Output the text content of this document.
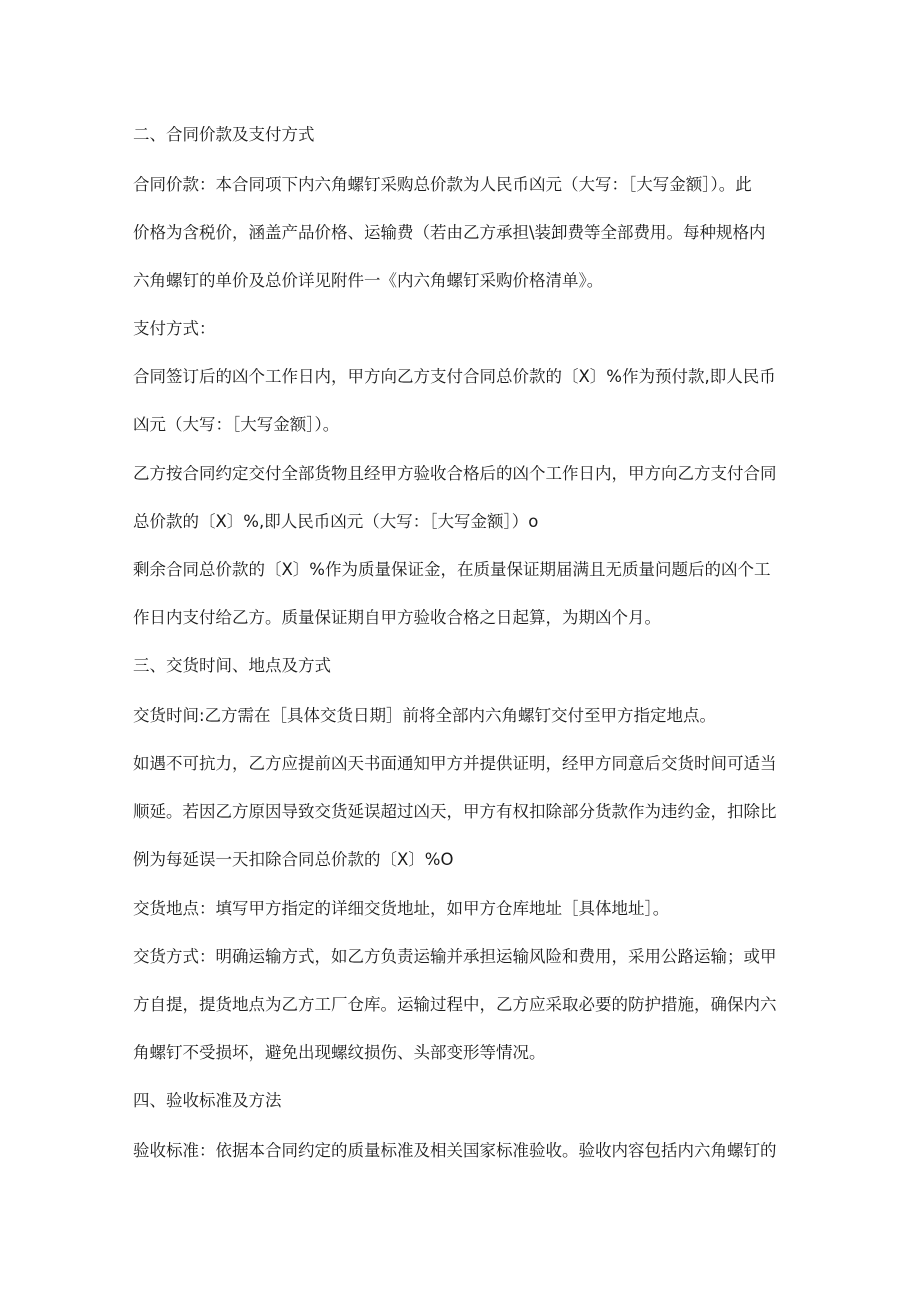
二、合同价款及支付方式

合同价款：本合同项下内六角螺钉采购总价款为人民币凶元（大写：［大写金额］）。此

价格为含税价，涵盖产品价格、运输费（若由乙方承担\装卸费等全部费用。每种规格内

六角螺钉的单价及总价详见附件一《内六角螺钉采购价格清单》。

支付方式：

合同签订后的凶个工作日内，甲方向乙方支付合同总价款的〔X〕%作为预付款,即人民币

凶元（大写：［大写金额］）。

乙方按合同约定交付全部货物且经甲方验收合格后的凶个工作日内，甲方向乙方支付合同

总价款的〔X〕%,即人民币凶元（大写：［大写金额］）o

剩余合同总价款的〔X〕%作为质量保证金，在质量保证期届满且无质量问题后的凶个工

作日内支付给乙方。质量保证期自甲方验收合格之日起算，为期凶个月。

三、交货时间、地点及方式

交货时间:乙方需在［具体交货日期］前将全部内六角螺钉交付至甲方指定地点。

如遇不可抗力，乙方应提前凶天书面通知甲方并提供证明，经甲方同意后交货时间可适当

顺延。若因乙方原因导致交货延误超过凶天，甲方有权扣除部分货款作为违约金，扣除比

例为每延误一天扣除合同总价款的〔X〕%O

交货地点：填写甲方指定的详细交货地址，如甲方仓库地址［具体地址］。

交货方式：明确运输方式，如乙方负责运输并承担运输风险和费用，采用公路运输；或甲

方自提，提货地点为乙方工厂仓库。运输过程中，乙方应采取必要的防护措施，确保内六

角螺钉不受损坏，避免出现螺纹损伤、头部变形等情况。

四、验收标准及方法

验收标准：依据本合同约定的质量标准及相关国家标准验收。验收内容包括内六角螺钉的
